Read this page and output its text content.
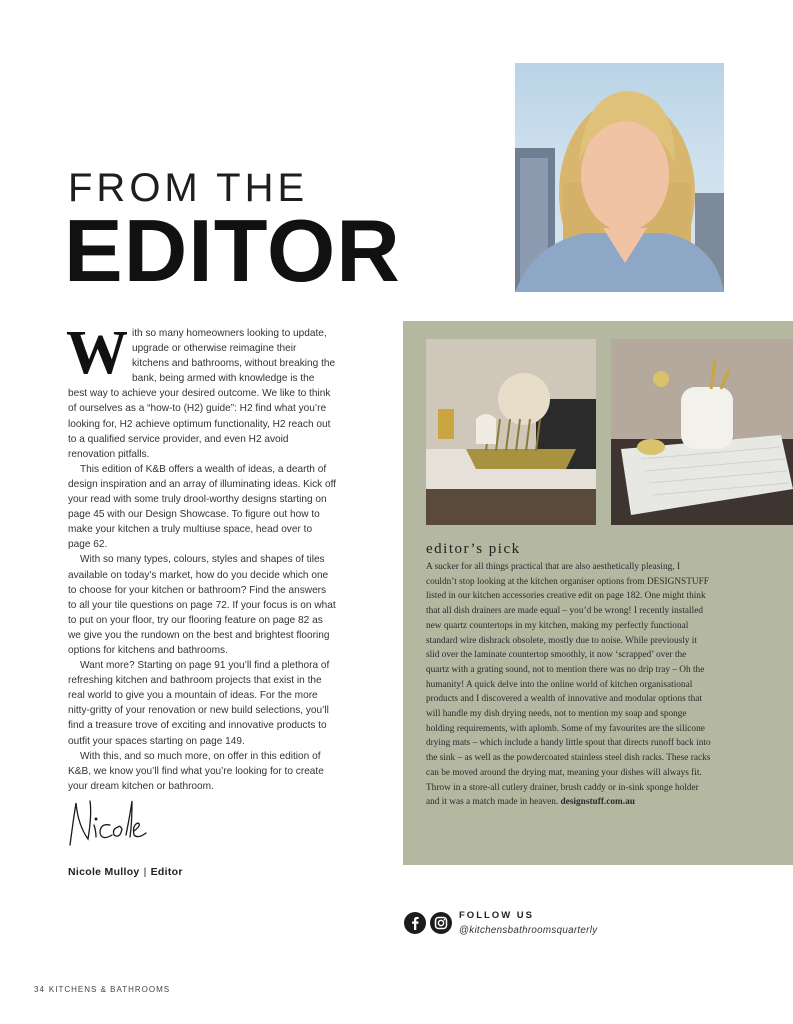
FROM THE
EDITOR

With so many homeowners looking to update, upgrade or otherwise reimagine their kitchens and bathrooms, without breaking the bank, being armed with knowledge is the best way to achieve your desired outcome. We like to think of ourselves as a “how-to (H2) guide”: H2 find what you’re looking for, H2 achieve optimum functionality, H2 reach out to a qualified service provider, and even H2 avoid renovation pitfalls.

This edition of K&B offers a wealth of ideas, a dearth of design inspiration and an array of illuminating ideas. Kick off your read with some truly drool-worthy designs starting on page 45 with our Design Showcase. To figure out how to make your kitchen a truly multiuse space, head over to page 62.

With so many types, colours, styles and shapes of tiles available on today’s market, how do you decide which one to choose for your kitchen or bathroom? Find the answers to all your tile questions on page 72. If your focus is on what to put on your floor, try our flooring feature on page 82 as we give you the rundown on the best and brightest flooring options for kitchens and bathrooms.

Want more? Starting on page 91 you’ll find a plethora of refreshing kitchen and bathroom projects that exist in the real world to give you a mountain of ideas. For the more nitty-gritty of your renovation or new build selections, you’ll find a treasure trove of exciting and innovative products to outfit your spaces starting on page 149.

With this, and so much more, on offer in this edition of K&B, we know you’ll find what you’re looking for to create your dream kitchen or bathroom.

Nicole Mulloy | Editor
editor’s pick
A sucker for all things practical that are also aesthetically pleasing, I couldn’t stop looking at the kitchen organiser options from DESIGNSTUFF listed in our kitchen accessories creative edit on page 182. One might think that all dish drainers are made equal – you’d be wrong! I recently installed new quartz countertops in my kitchen, making my perfectly functional standard wire dishrack obsolete, mostly due to noise. While previously it slid over the laminate countertop smoothly, it now ‘scrapped’ over the quartz with a grating sound, not to mention there was no drip tray – Oh the humanity! A quick delve into the online world of kitchen organisational products and I discovered a wealth of innovative and modular options that will handle my dish drying needs, not to mention my soap and sponge holding requirements, with aplomb. Some of my favourites are the silicone drying mats – which include a handy little spout that directs runoff back into the sink – as well as the powdercoated stainless steel dish racks. These racks can be moved around the drying mat, meaning your dishes will always fit. Throw in a store-all cutlery drainer, brush caddy or in-sink sponge holder and it was a match made in heaven. designstuff.com.au
FOLLOW US
@kitchensbathroomsquarterly
34 KITCHENS & BATHROOMS
